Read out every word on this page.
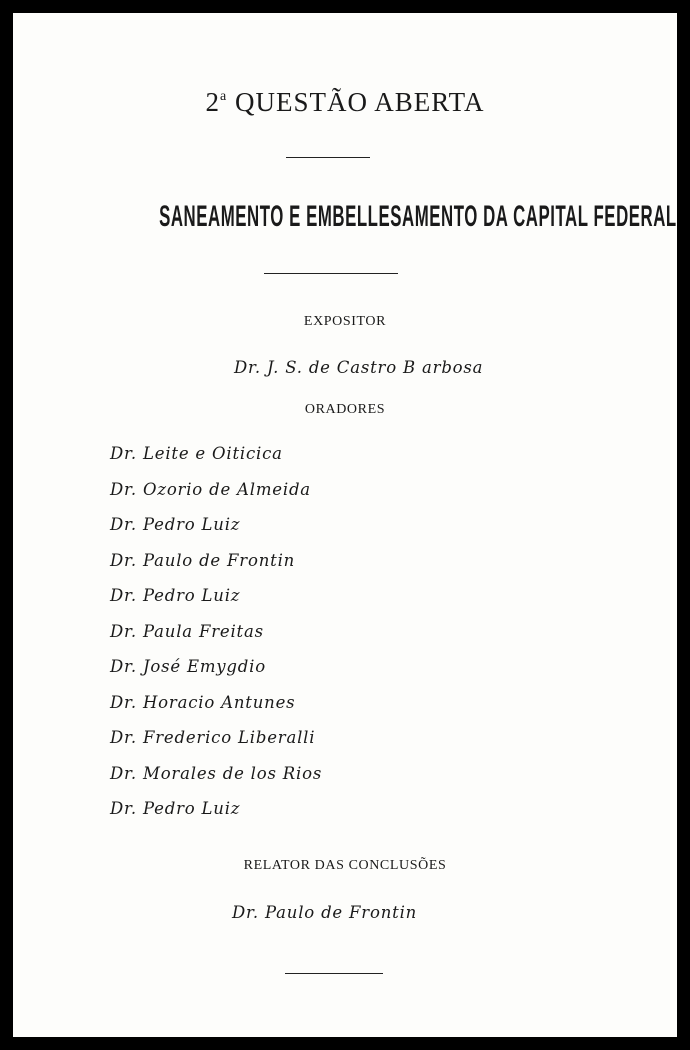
2$^a$ QUESTÃO ABERTA
SANEAMENTO E EMBELLESAMENTO DA CAPITAL FEDERAL
EXPOSITOR
Dr. J. S. de Castro B arbosa
ORADORES
Dr. Leite e Oiticica
Dr. Ozorio de Almeida
Dr. Pedro Luiz
Dr. Paulo de Frontin
Dr. Pedro Luiz
Dr. Paula Freitas
Dr. José Emygdio
Dr. Horacio Antunes
Dr. Frederico Liberalli
Dr. Morales de los Rios
Dr. Pedro Luiz
RELATOR DAS CONCLUSÕES
Dr. Paulo de Frontin
